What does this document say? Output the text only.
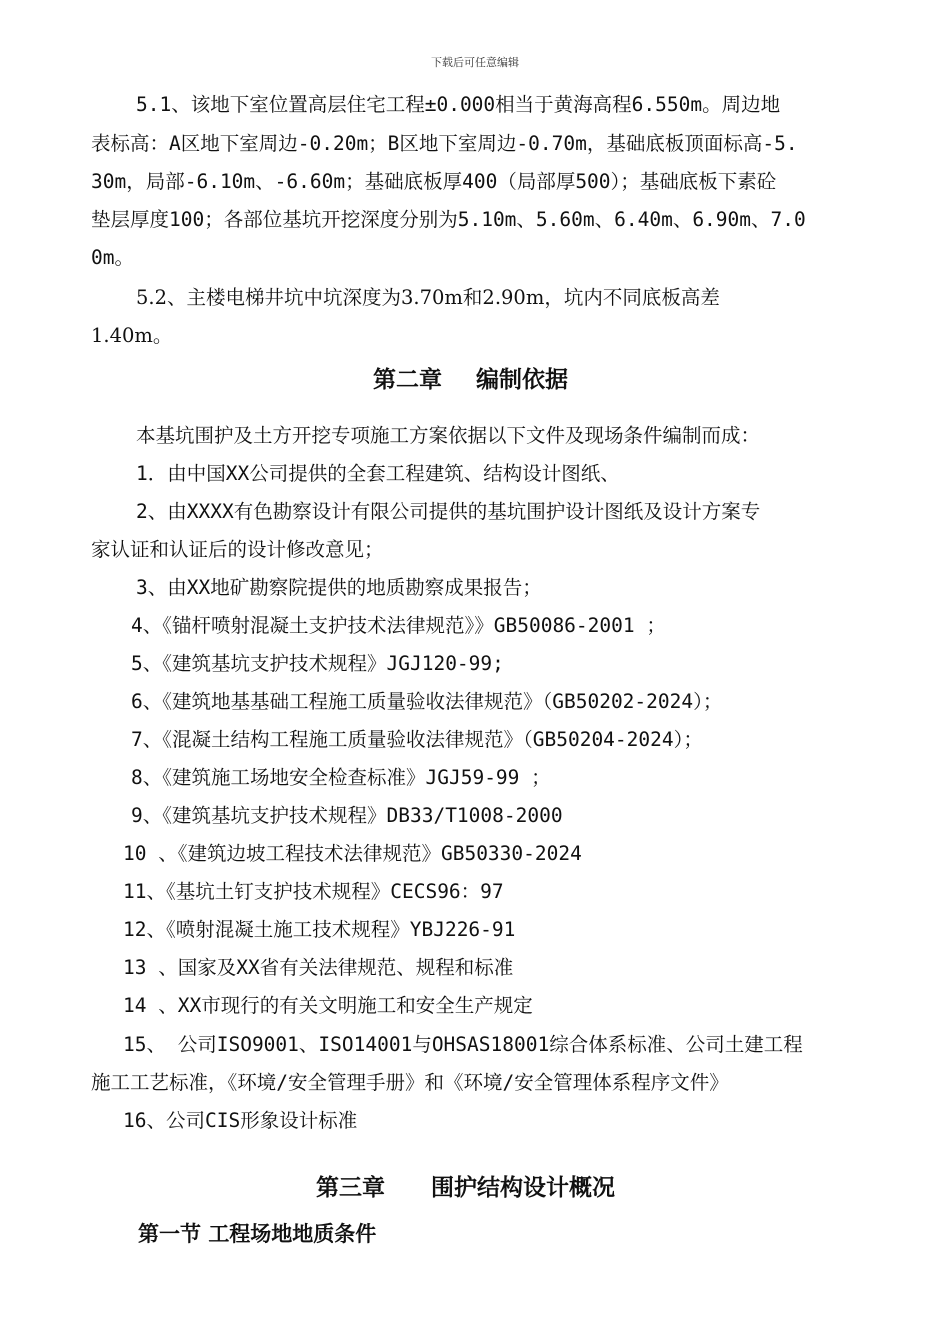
下载后可任意编辑
5.1、该地下室位置高层住宅工程±0.000相当于黄海高程6.550m。周边地
表标高：A区地下室周边-0.20m；B区地下室周边-0.70m，基础底板顶面标高-5.
30m，局部-6.10m、-6.60m；基础底板厚400（局部厚500）；基础底板下素砼
垫层厚度100；各部位基坑开挖深度分别为5.10m、5.60m、6.40m、6.90m、7.0
0m。
5.2、主楼电梯井坑中坑深度为3.70m和2.90m，坑内不同底板高差
1.40m。
第二章 编制依据
本基坑围护及土方开挖专项施工方案依据以下文件及现场条件编制而成：
1．由中国XX公司提供的全套工程建筑、结构设计图纸、
2、由XXXX有色勘察设计有限公司提供的基坑围护设计图纸及设计方案专
家认证和认证后的设计修改意见；
3、由XX地矿勘察院提供的地质勘察成果报告；
4、《锚杆喷射混凝土支护技术法律规范》》GB50086-2001 ；
5、《建筑基坑支护技术规程》JGJ120-99;
6、《建筑地基基础工程施工质量验收法律规范》（GB50202-2024）；
7、《混凝土结构工程施工质量验收法律规范》（GB50204-2024）；
8、《建筑施工场地安全检查标准》JGJ59-99 ；
9、《建筑基坑支护技术规程》DB33/T1008-2000
10 、《建筑边坡工程技术法律规范》GB50330-2024
11、《基坑土钉支护技术规程》CECS96：97
12、《喷射混凝土施工技术规程》YBJ226-91
13 、国家及XX省有关法律规范、规程和标准
14 、XX市现行的有关文明施工和安全生产规定
15、 公司ISO9001、ISO14001与OHSAS18001综合体系标准、公司土建工程
施工工艺标准，《环境/安全管理手册》和《环境/安全管理体系程序文件》
16、公司CIS形象设计标准
第三章 围护结构设计概况
第一节 工程场地地质条件
